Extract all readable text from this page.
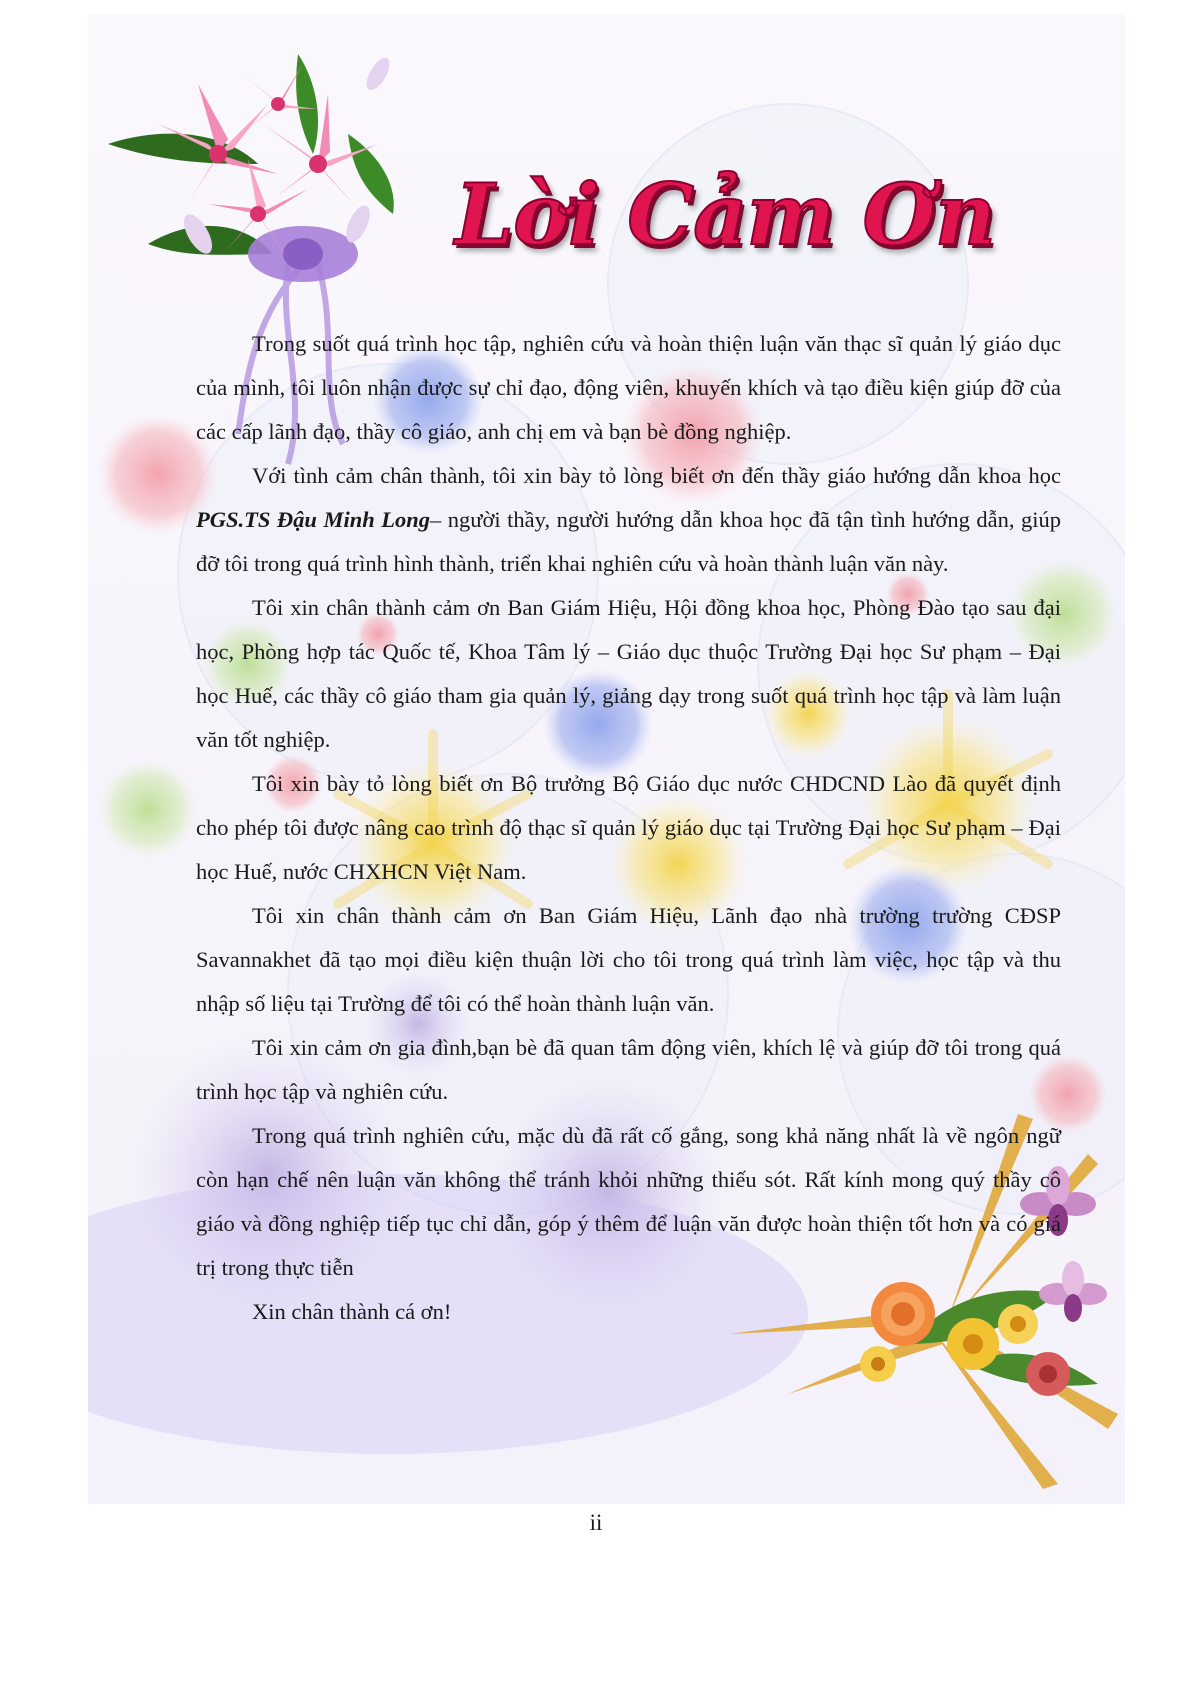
Lời Cảm Ơn

Trong suốt quá trình học tập, nghiên cứu và hoàn thiện luận văn thạc sĩ quản lý giáo dục của mình, tôi luôn nhận được sự chỉ đạo, động viên, khuyến khích và tạo điều kiện giúp đỡ của các cấp lãnh đạo, thầy cô giáo, anh chị em và bạn bè đồng nghiệp.

Với tình cảm chân thành, tôi xin bày tỏ lòng biết ơn đến thầy giáo hướng dẫn khoa học PGS.TS Đậu Minh Long– người thầy, người hướng dẫn khoa học đã tận tình hướng dẫn, giúp đỡ tôi trong quá trình hình thành, triển khai nghiên cứu và hoàn thành luận văn này.

Tôi xin chân thành cảm ơn Ban Giám Hiệu, Hội đồng khoa học, Phòng Đào tạo sau đại học, Phòng hợp tác Quốc tế, Khoa Tâm lý – Giáo dục thuộc Trường Đại học Sư phạm – Đại học Huế, các thầy cô giáo tham gia quản lý, giảng dạy trong suốt quá trình học tập và làm luận văn tốt nghiệp.

Tôi xin bày tỏ lòng biết ơn Bộ trưởng Bộ Giáo dục nước CHDCND Lào đã quyết định cho phép tôi được nâng cao trình độ thạc sĩ quản lý giáo dục tại Trường Đại học Sư phạm – Đại học Huế, nước CHXHCN Việt Nam.

Tôi xin chân thành cảm ơn Ban Giám Hiệu, Lãnh đạo nhà trường trường CĐSP Savannakhet đã tạo mọi điều kiện thuận lời cho tôi trong quá trình làm việc, học tập và thu nhập số liệu tại Trường để tôi có thể hoàn thành luận văn.

Tôi xin cảm ơn gia đình,bạn bè đã quan tâm động viên, khích lệ và giúp đỡ tôi trong quá trình học tập và nghiên cứu.

Trong quá trình nghiên cứu, mặc dù đã rất cố gắng, song khả năng nhất là về ngôn ngữ còn hạn chế nên luận văn không thể tránh khỏi những thiếu sót. Rất kính mong quý thầy cô giáo và đồng nghiệp tiếp tục chỉ dẫn, góp ý thêm để luận văn được hoàn thiện tốt hơn và có giá trị trong thực tiễn

Xin chân thành cá ơn!

ii
